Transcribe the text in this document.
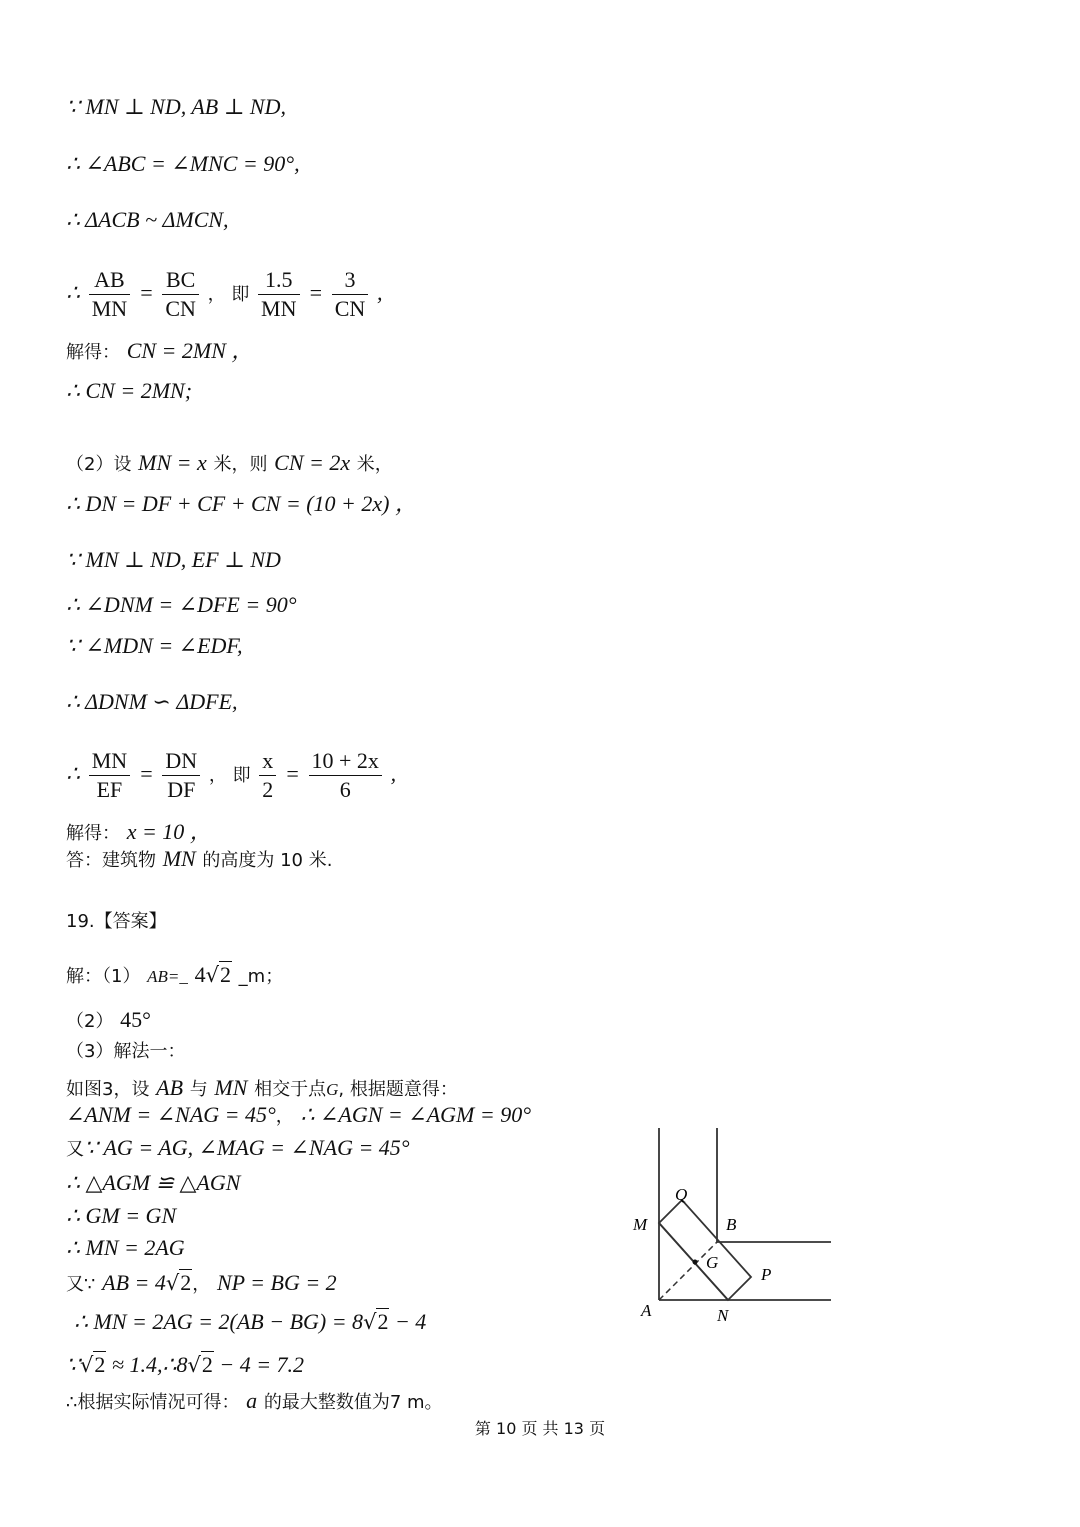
∵ MN ⊥ ND, AB ⊥ ND,
∴ ∠ABC = ∠MNC = 90°,
∴ ΔACB ~ ΔMCN,
∴ $\frac{AB}{MN} = \frac{BC}{CN}$ ， 即 $\frac{1.5}{MN} = \frac{3}{CN}$ ,
解得： CN = 2MN ，
∴ CN = 2MN;
（2）设 MN = x 米，则 CN = 2x 米，
∴ DN = DF + CF + CN = (10 + 2x) ，
∵ MN ⊥ ND, EF ⊥ ND
∴ ∠DNM = ∠DFE = 90°
∵ ∠MDN = ∠EDF,
∴ ΔDNM ∽ ΔDFE,
∴ $\frac{MN}{EF} = \frac{DN}{DF}$ ， 即 $\frac{x}{2} = \frac{10 + 2x}{6}$ ,
解得： x = 10 ，
答：建筑物 MN 的高度为 10 米.
19.【答案】
解：（1） AB=_ 4√2 _m；
（2） 45°
（3）解法一：
如图3，设 AB 与 MN 相交于点G, 根据题意得：
∠ANM = ∠NAG = 45°， ∴ ∠AGN = ∠AGM = 90°
又∵ AG = AG, ∠MAG = ∠NAG = 45°
∴ △AGM ≌ △AGN
∴ GM = GN
∴ MN = 2AG
又∵ AB = 4√2， NP = BG = 2
∴ MN = 2AG = 2(AB − BG) = 8√2 − 4
∵√2 ≈ 1.4,∴8√2 − 4 = 7.2
∴根据实际情况可得： a 的最大整数值为7 m。
Q
M	B
G
P
A	N
第 10 页 共 13 页
